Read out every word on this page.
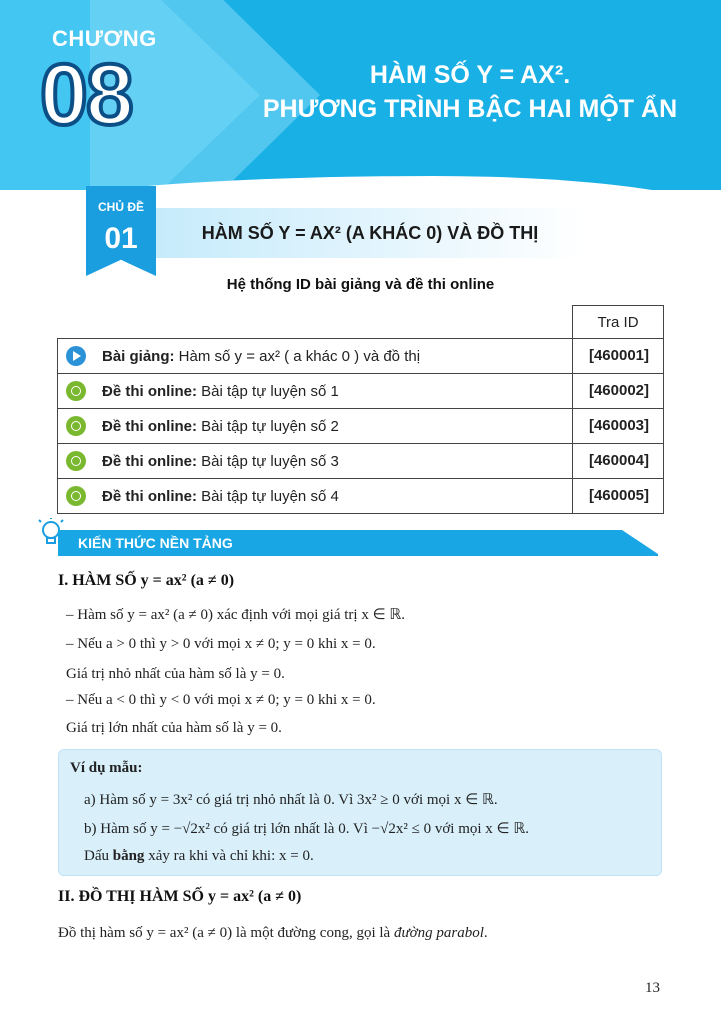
CHƯƠNG
08	HÀM SỐ Y = AX².
PHƯƠNG TRÌNH BẬC HAI MỘT ẨN
HÀM SỐ Y = AX² (A KHÁC 0) VÀ ĐỒ THỊ
CHỦ ĐỀ
01
Hệ thống ID bài giảng và đề thi online
Tra ID
Bài giảng: Hàm số y = ax² ( a khác 0 ) và đồ thị	[460001]
Đề thi online: Bài tập tự luyện số 1	[460002]
Đề thi online: Bài tập tự luyện số 2	[460003]
Đề thi online: Bài tập tự luyện số 3	[460004]
Đề thi online: Bài tập tự luyện số 4	[460005]
KIẾN THỨC NỀN TẢNG
I. HÀM SỐ y = ax² (a ≠ 0)
– Hàm số y = ax² (a ≠ 0) xác định với mọi giá trị x ∈ ℝ.
– Nếu a > 0 thì y > 0 với mọi x ≠ 0; y = 0 khi x = 0.
Giá trị nhỏ nhất của hàm số là y = 0.
– Nếu a < 0 thì y < 0 với mọi x ≠ 0; y = 0 khi x = 0.
Giá trị lớn nhất của hàm số là y = 0.
Ví dụ mẫu:
a) Hàm số y = 3x² có giá trị nhỏ nhất là 0. Vì 3x² ≥ 0 với mọi x ∈ ℝ.
b) Hàm số y = −√2x² có giá trị lớn nhất là 0. Vì −√2x² ≤ 0 với mọi x ∈ ℝ.
Dấu bằng xảy ra khi và chỉ khi: x = 0.
II. ĐỒ THỊ HÀM SỐ y = ax² (a ≠ 0)
Đồ thị hàm số y = ax² (a ≠ 0) là một đường cong, gọi là đường parabol.
13
